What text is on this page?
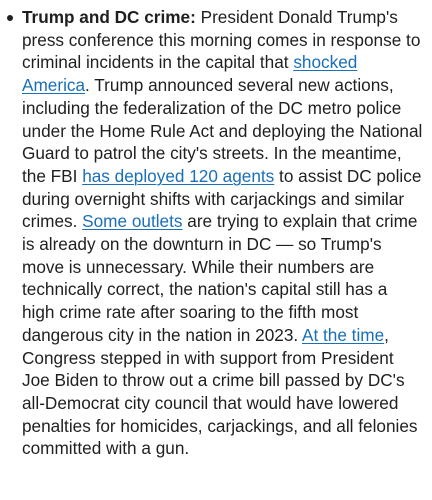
Trump and DC crime: President Donald Trump's press conference this morning comes in response to criminal incidents in the capital that shocked America. Trump announced several new actions, including the federalization of the DC metro police under the Home Rule Act and deploying the National Guard to patrol the city's streets. In the meantime, the FBI has deployed 120 agents to assist DC police during overnight shifts with carjackings and similar crimes. Some outlets are trying to explain that crime is already on the downturn in DC — so Trump's move is unnecessary. While their numbers are technically correct, the nation's capital still has a high crime rate after soaring to the fifth most dangerous city in the nation in 2023. At the time, Congress stepped in with support from President Joe Biden to throw out a crime bill passed by DC's all-Democrat city council that would have lowered penalties for homicides, carjackings, and all felonies committed with a gun.
